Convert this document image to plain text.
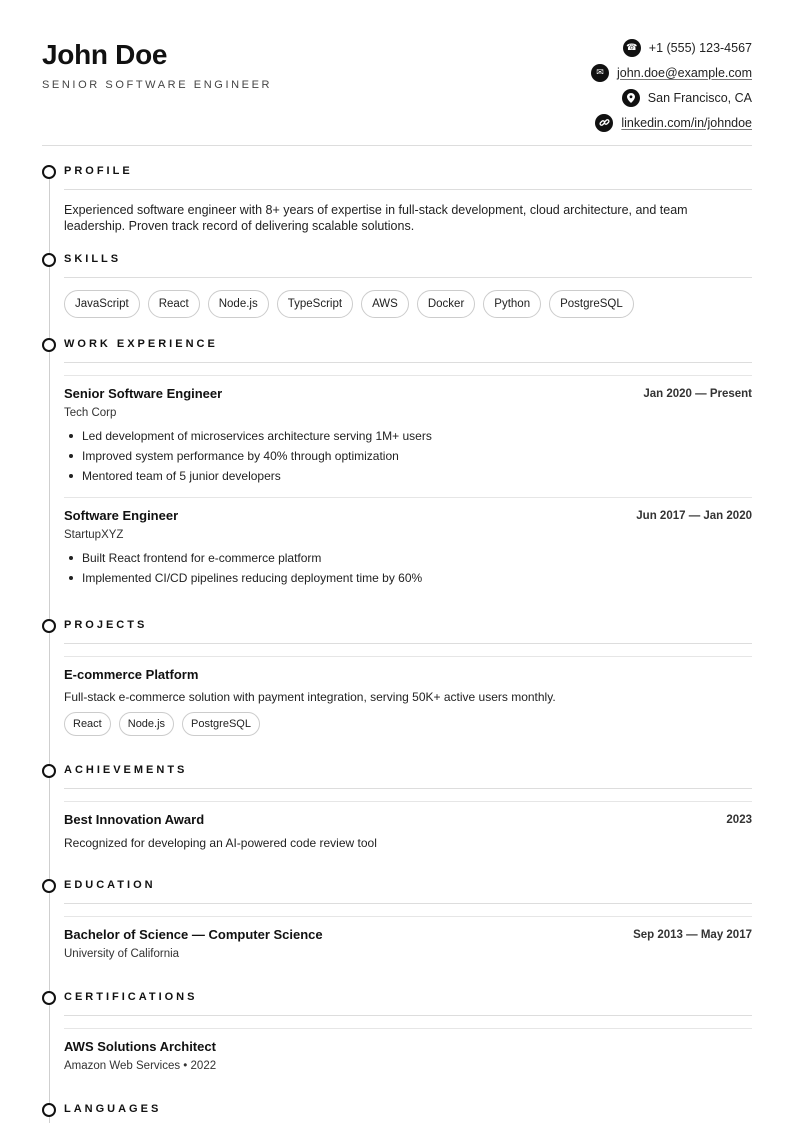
John Doe
SENIOR SOFTWARE ENGINEER
☎ +1 (555) 123-4567
✉	john.doe@example.com
San Francisco, CA
linkedin.com/in/johndoe
PROFILE
Experienced software engineer with 8+ years of expertise in full-stack development, cloud architecture, and team leadership. Proven track record of delivering scalable solutions.
SKILLS
JavaScript	React	Node.js	TypeScript	AWS	Docker	Python	PostgreSQL
WORK EXPERIENCE
Senior Software Engineer	Jan 2020 — Present
Tech Corp
Led development of microservices architecture serving 1M+ users
Improved system performance by 40% through optimization
Mentored team of 5 junior developers
Software Engineer	Jun 2017 — Jan 2020
StartupXYZ
Built React frontend for e-commerce platform
Implemented CI/CD pipelines reducing deployment time by 60%
PROJECTS
E-commerce Platform
Full-stack e-commerce solution with payment integration, serving 50K+ active users monthly.
React	Node.js	PostgreSQL
ACHIEVEMENTS
Best Innovation Award	2023
Recognized for developing an AI-powered code review tool
EDUCATION
Bachelor of Science — Computer Science	Sep 2013 — May 2017
University of California
CERTIFICATIONS
AWS Solutions Architect
Amazon Web Services • 2022
LANGUAGES
